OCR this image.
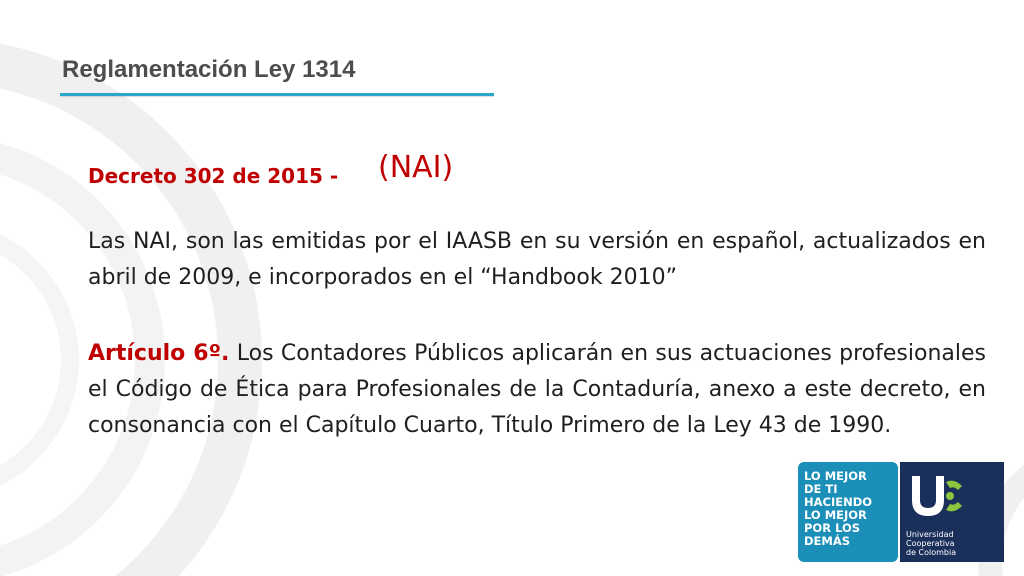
Reglamentación Ley 1314
Decreto 302 de 2015 - (NAI)

Las NAI, son las emitidas por el IAASB en su versión en español, actualizados en abril de 2009, e incorporados en el “Handbook 2010”

Artículo 6º. Los Contadores Públicos aplicarán en sus actuaciones profesionales el Código de Ética para Profesionales de la Contaduría, anexo a este decreto, en consonancia con el Capítulo Cuarto, Título Primero de la Ley 43 de 1990.

LO MEJOR
DE TI
HACIENDO
LO MEJOR
POR LOS
DEMÁS	Universidad Cooperativa
de Colombia
